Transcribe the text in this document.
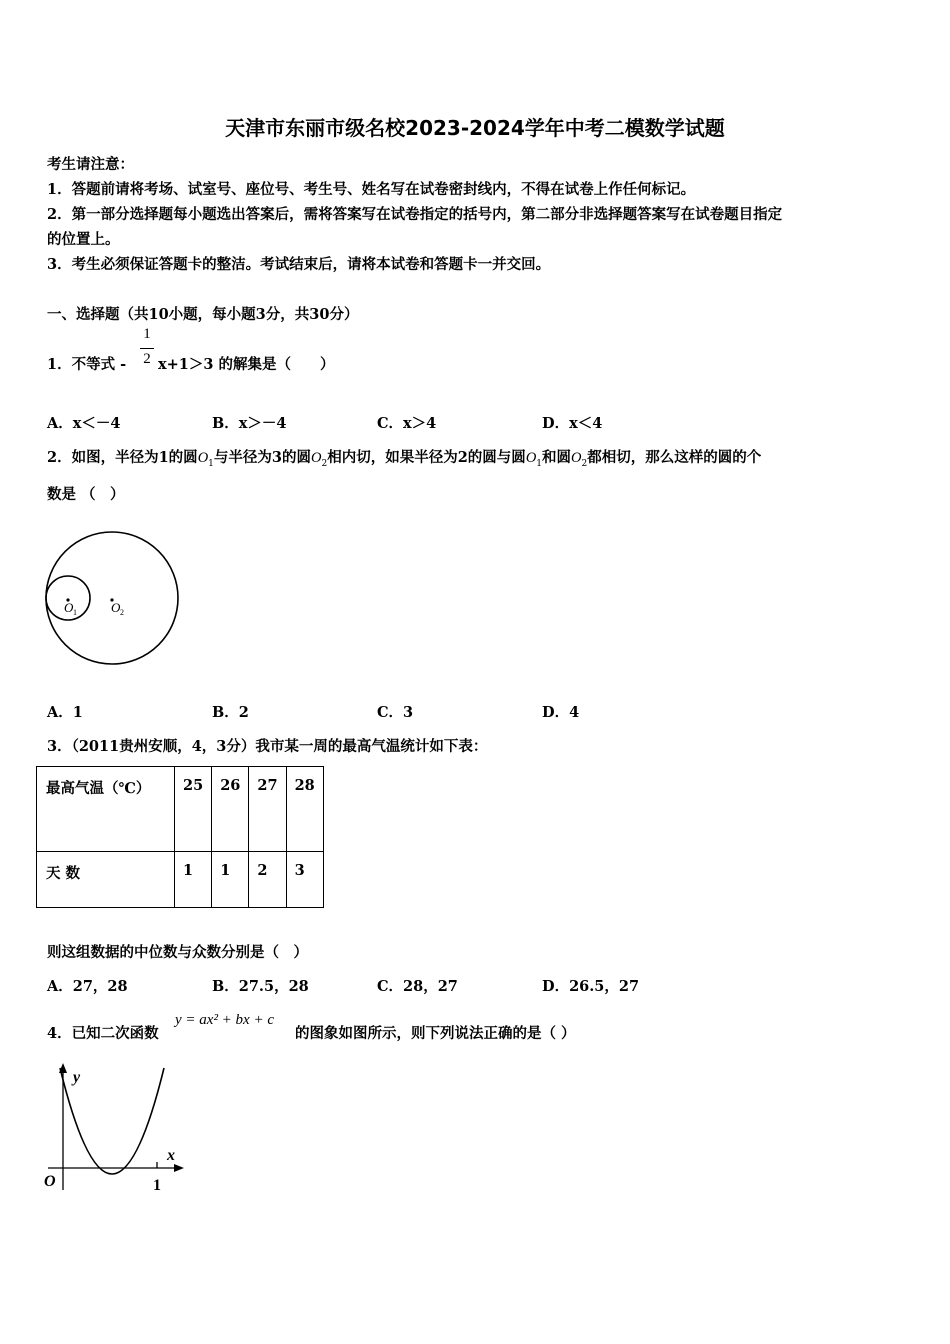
天津市东丽市级名校2023-2024学年中考二模数学试题
考生请注意：
1．答题前请将考场、试室号、座位号、考生号、姓名写在试卷密封线内，不得在试卷上作任何标记。
2．第一部分选择题每小题选出答案后，需将答案写在试卷指定的括号内，第二部分非选择题答案写在试卷题目指定
的位置上。
3．考生必须保证答题卡的整洁。考试结束后，请将本试卷和答题卡一并交回。
一、选择题（共10小题，每小题3分，共30分）
1．不等式 -
1
2 x+1＞3 的解集是（　　）
A．x＜－4	B．x＞－4	C．x＞4	D．x＜4
2．如图，半径为1的圆$O_1$与半径为3的圆$O_2$相内切，如果半径为2的圆与圆$O_1$和圆$O_2$都相切，那么这样的圆的个
数是 （　）
O 1	O 2
A．1	B．2	C．3	D．4
3．（2011贵州安顺，4，3分）我市某一周的最高气温统计如下表：
最高气温（℃）	25	26	27	28
天 数	1	1	2	3
则这组数据的中位数与众数分别是（　）
A．27，28	B．27.5，28	C．28，27	D．26.5，27
4．已知二次函数
y = ax² + bx + c
的图象如图所示，则下列说法正确的是（ ）
y
x
O	1
